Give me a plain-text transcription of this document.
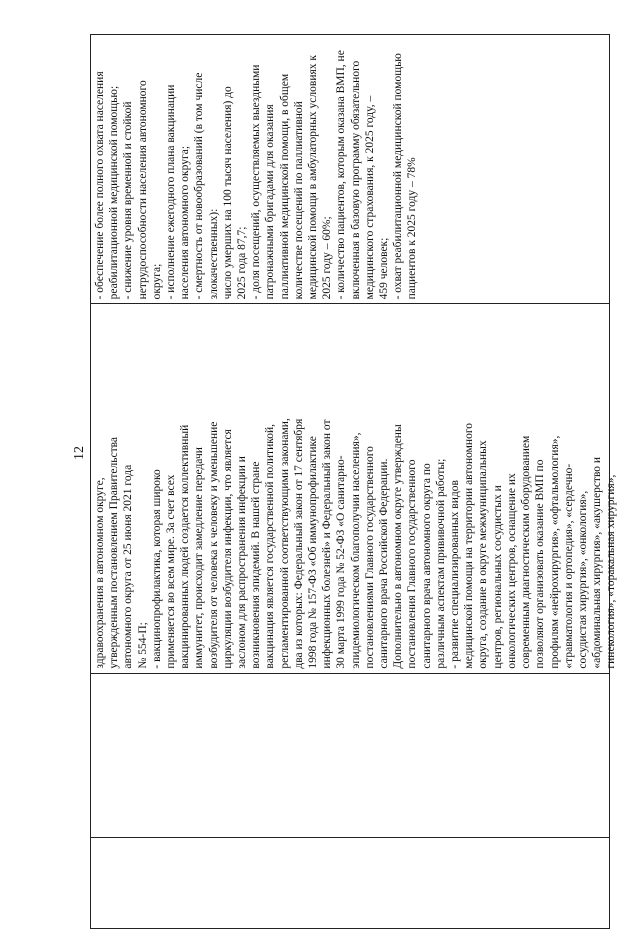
12

здравоохранения в автономном округе, утвержденным постановлением Правительства автономного округа от 25 июня 2021 года № 554-П; - вакцинопрофилактика, которая широко применяется во всем мире. За счет всех вакцинированных людей создается коллективный иммунитет, происходит замедление передачи возбудителя от человека к человеку и уменьшение циркуляции возбудителя инфекции, что является заслоном для распространения инфекции и возникновения эпидемий. В нашей стране вакцинация является государственной политикой, регламентированной соответствующими законами, два из которых: Федеральный закон от 17 сентября 1998 года № 157-ФЗ «Об иммунопрофилактике инфекционных болезней» и Федеральный закон от 30 марта 1999 года № 52-ФЗ «О санитарно- эпидемиологическом благополучии населения», постановлениями Главного государственного санитарного врача Российской Федерации. Дополнительно в автономном округе утверждены постановления Главного государственного санитарного врача автономного округа по различным аспектам прививочной работы; - развитие специализированных видов медицинской помощи на территории автономного округа, создание в округе межмуниципальных центров, региональных сосудистых и онкологических центров, оснащение их современным диагностическим оборудованием позволяют организовать оказание ВМП по профилям «нейрохирургия», «офтальмология», «травматология и ортопедия», «сердечно- сосудистая хирургия», «онкология», «абдоминальная хирургия», «акушерство и гинекология», «торакальная хирургия»,

- обеспечение более полного охвата населения реабилитационной медицинской помощью; - снижение уровня временной и стойкой нетрудоспособности населения автономного округа; - исполнение ежегодного плана вакцинации населения автономного округа; - смертность от новообразований (в том числе злокачественных): число умерших на 100 тысяч населения) до 2025 года 87,7; - доля посещений, осуществляемых выездными патронажными бригадами для оказания паллиативной медицинской помощи, в общем количестве посещений по паллиативной медицинской помощи в амбулаторных условиях к 2025 году – 60%; - количество пациентов, которым оказана ВМП, не включенная в базовую программу обязательного медицинского страхования, к 2025 году, – 459 человек; - охват реабилитационной медицинской помощью пациентов к 2025 году – 78%
